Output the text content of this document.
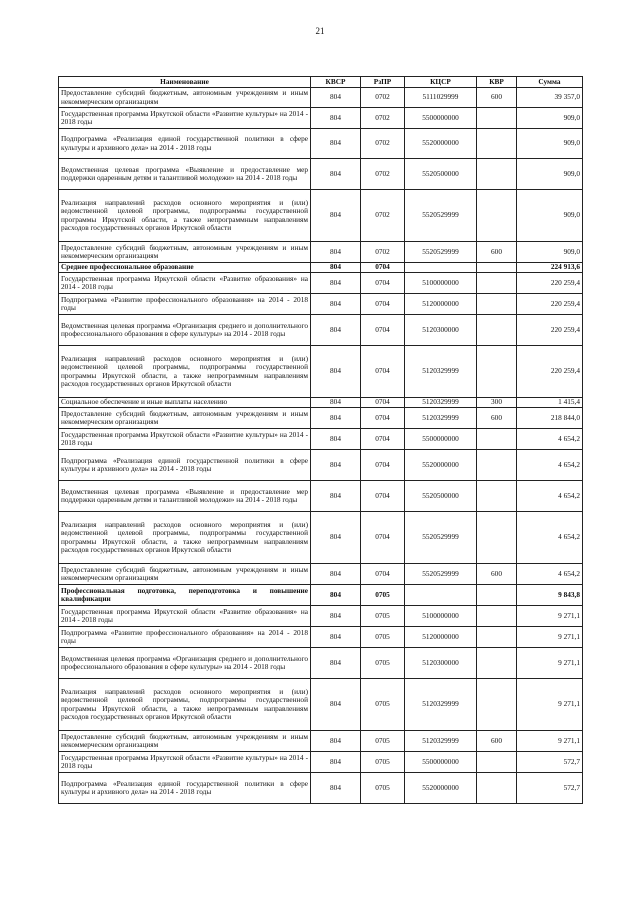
21
Наименование	КВСР	РзПР	КЦСР	КВР	Сумма
Предоставление субсидий бюджетным, автономным учреждениям и иным некоммерческим организациям	804	0702	5111029999	600	39 357,0
Государственная программа Иркутской области «Развитие культуры» на 2014 - 2018 годы	804	0702	5500000000		909,0
Подпрограмма «Реализация единой государственной политики в сфере культуры и архивного дела» на 2014 - 2018 годы	804	0702	5520000000		909,0
Ведомственная целевая программа «Выявление и предоставление мер поддержки одаренным детям и талантливой молодежи» на 2014 - 2018 годы	804	0702	5520500000		909,0
Реализация направлений расходов основного мероприятия и (или) ведомственной целевой программы, подпрограммы государственной программы Иркутской области, а также непрограммным направлениям расходов государственных органов Иркутской области	804	0702	5520529999		909,0
Предоставление субсидий бюджетным, автономным учреждениям и иным некоммерческим организациям	804	0702	5520529999	600	909,0
Среднее профессиональное образование	804	0704			224 913,6
Государственная программа Иркутской области «Развитие образования» на 2014 - 2018 годы	804	0704	5100000000		220 259,4
Подпрограмма «Развитие профессионального образования» на 2014 - 2018 годы	804	0704	5120000000		220 259,4
Ведомственная целевая программа «Организация среднего и дополнительного профессионального образования в сфере культуры» на 2014 - 2018 годы	804	0704	5120300000		220 259,4
Реализация направлений расходов основного мероприятия и (или) ведомственной целевой программы, подпрограммы государственной программы Иркутской области, а также непрограммным направлениям расходов государственных органов Иркутской области	804	0704	5120329999		220 259,4
Социальное обеспечение и иные выплаты населению	804	0704	5120329999	300	1 415,4
Предоставление субсидий бюджетным, автономным учреждениям и иным некоммерческим организациям	804	0704	5120329999	600	218 844,0
Государственная программа Иркутской области «Развитие культуры» на 2014 - 2018 годы	804	0704	5500000000		4 654,2
Подпрограмма «Реализация единой государственной политики в сфере культуры и архивного дела» на 2014 - 2018 годы	804	0704	5520000000		4 654,2
Ведомственная целевая программа «Выявление и предоставление мер поддержки одаренным детям и талантливой молодежи» на 2014 - 2018 годы	804	0704	5520500000		4 654,2
Реализация направлений расходов основного мероприятия и (или) ведомственной целевой программы, подпрограммы государственной программы Иркутской области, а также непрограммным направлениям расходов государственных органов Иркутской области	804	0704	5520529999		4 654,2
Предоставление субсидий бюджетным, автономным учреждениям и иным некоммерческим организациям	804	0704	5520529999	600	4 654,2
Профессиональная подготовка, переподготовка и повышение квалификации	804	0705			9 843,8
Государственная программа Иркутской области «Развитие образования» на 2014 - 2018 годы	804	0705	5100000000		9 271,1
Подпрограмма «Развитие профессионального образования» на 2014 - 2018 годы	804	0705	5120000000		9 271,1
Ведомственная целевая программа «Организация среднего и дополнительного профессионального образования в сфере культуры» на 2014 - 2018 годы	804	0705	5120300000		9 271,1
Реализация направлений расходов основного мероприятия и (или) ведомственной целевой программы, подпрограммы государственной программы Иркутской области, а также непрограммным направлениям расходов государственных органов Иркутской области	804	0705	5120329999		9 271,1
Предоставление субсидий бюджетным, автономным учреждениям и иным некоммерческим организациям	804	0705	5120329999	600	9 271,1
Государственная программа Иркутской области «Развитие культуры» на 2014 - 2018 годы	804	0705	5500000000		572,7
Подпрограмма «Реализация единой государственной политики в сфере культуры и архивного дела» на 2014 - 2018 годы	804	0705	5520000000		572,7
